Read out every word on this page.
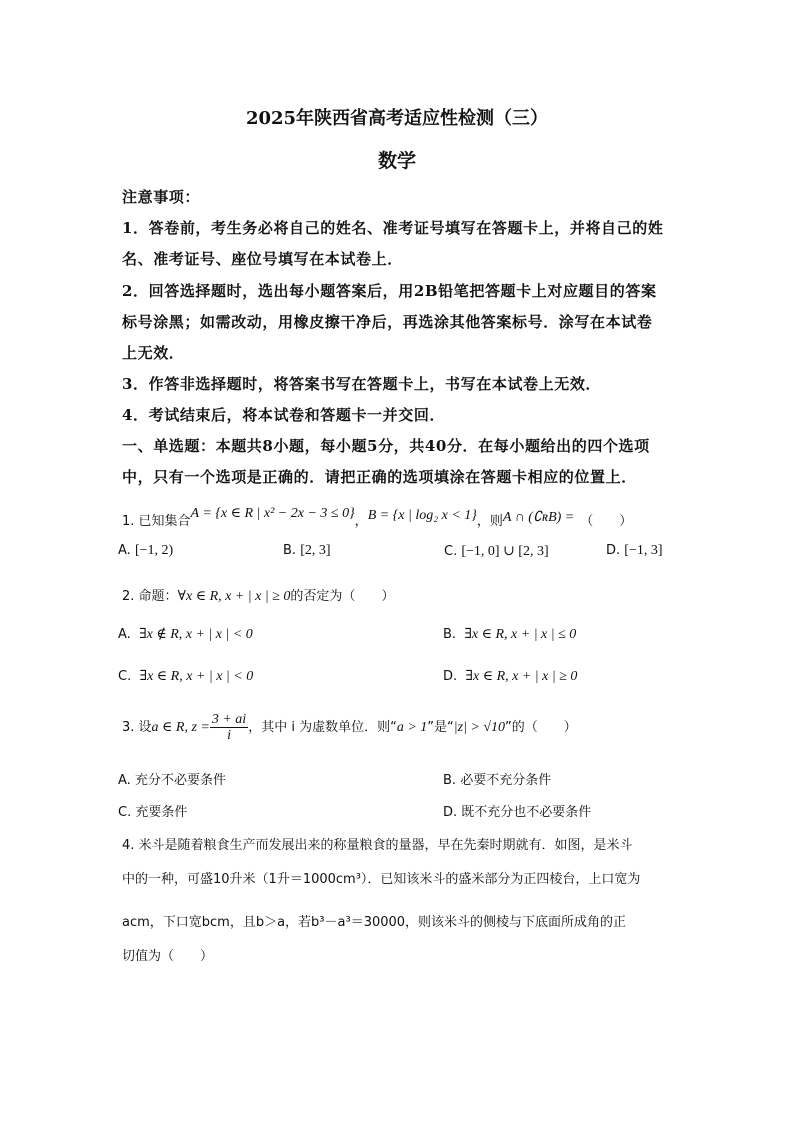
2025年陕西省高考适应性检测（三）
数学
注意事项：
1．答卷前，考生务必将自己的姓名、准考证号填写在答题卡上，并将自己的姓
名、准考证号、座位号填写在本试卷上．
2．回答选择题时，选出每小题答案后，用2B铅笔把答题卡上对应题目的答案
标号涂黑；如需改动，用橡皮擦干净后，再选涂其他答案标号．涂写在本试卷
上无效．
3．作答非选择题时，将答案书写在答题卡上，书写在本试卷上无效．
4．考试结束后，将本试卷和答题卡一并交回．
一、单选题：本题共8小题，每小题5分，共40分．在每小题给出的四个选项
中，只有一个选项是正确的．请把正确的选项填涂在答题卡相应的位置上．
1. 已知集合A = {x ∈ R | x² − 2x − 3 ≤ 0}，B = {x | log₂ x < 1}，则A ∩ (∁ʀB) = （　　）
A. [−1, 2)	B. [2, 3]	C. [−1, 0] ∪ [2, 3]	D. [−1, 3]
2. 命题：∀x ∈ R, x + | x | ≥ 0的否定为（　　）
A. ∃x ∉ R, x + | x | < 0	B. ∃x ∈ R, x + | x | ≤ 0
C. ∃x ∈ R, x + | x | < 0	D. ∃x ∈ R, x + | x | ≥ 0
3. 设a ∈ R, $z = \frac{3 + ai}{i}$ ，其中 i 为虚数单位．则“a > 1”是“|z| > √10”的（　　）
A. 充分不必要条件	B. 必要不充分条件
C. 充要条件	D. 既不充分也不必要条件
4. 米斗是随着粮食生产而发展出来的称量粮食的量器，早在先秦时期就有．如图，是米斗
中的一种，可盛10升米（1升＝1000cm³）．已知该米斗的盛米部分为正四棱台，上口宽为
acm，下口宽bcm，且b＞a，若b³－a³＝30000，则该米斗的侧棱与下底面所成角的正
切值为（　　）
